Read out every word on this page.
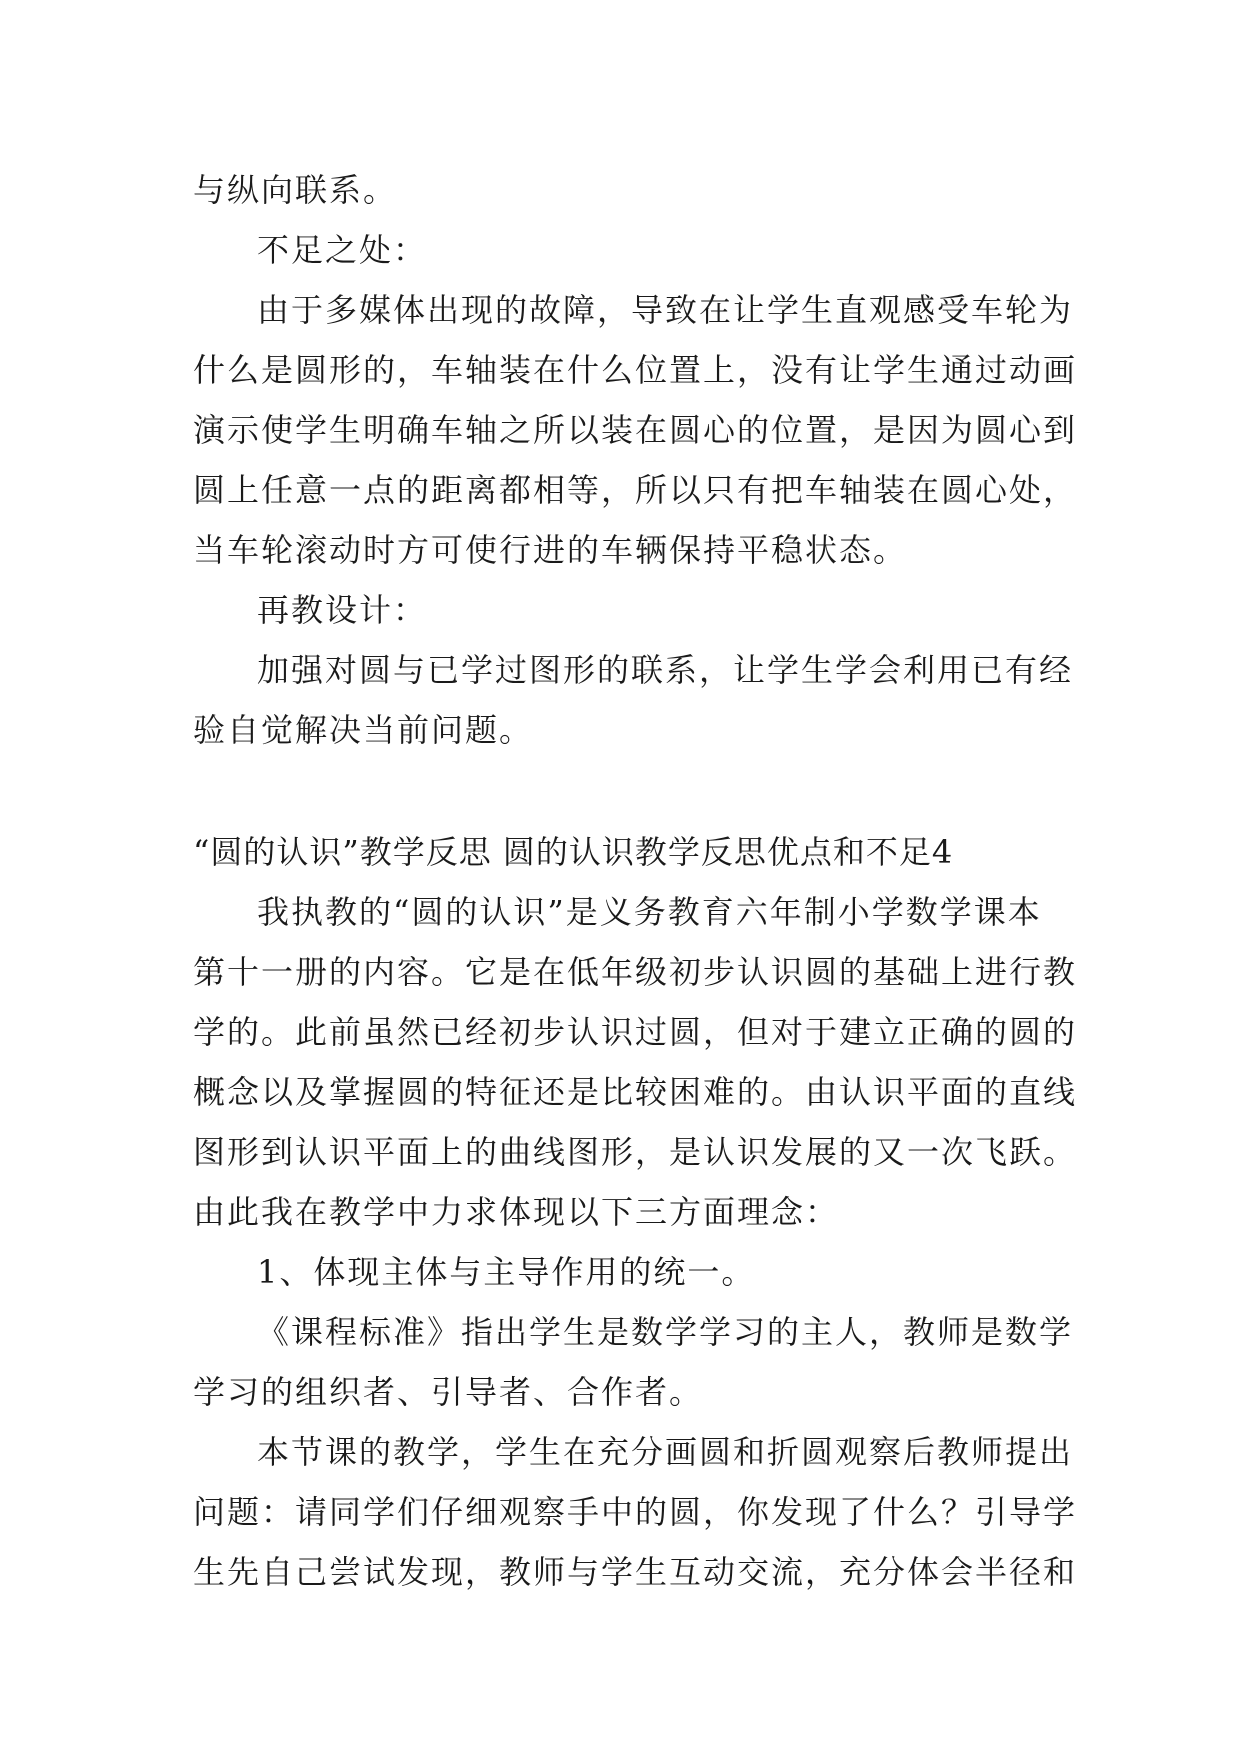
与纵向联系。
不足之处：
由于多媒体出现的故障，导致在让学生直观感受车轮为
什么是圆形的，车轴装在什么位置上，没有让学生通过动画
演示使学生明确车轴之所以装在圆心的位置，是因为圆心到
圆上任意一点的距离都相等，所以只有把车轴装在圆心处，
当车轮滚动时方可使行进的车辆保持平稳状态。
再教设计：
加强对圆与已学过图形的联系，让学生学会利用已有经
验自觉解决当前问题。
“圆的认识”教学反思 圆的认识教学反思优点和不足4
我执教的“圆的认识”是义务教育六年制小学数学课本
第十一册的内容。它是在低年级初步认识圆的基础上进行教
学的。此前虽然已经初步认识过圆，但对于建立正确的圆的
概念以及掌握圆的特征还是比较困难的。由认识平面的直线
图形到认识平面上的曲线图形，是认识发展的又一次飞跃。
由此我在教学中力求体现以下三方面理念：
1、体现主体与主导作用的统一。
《课程标准》指出学生是数学学习的主人，教师是数学
学习的组织者、引导者、合作者。
本节课的教学，学生在充分画圆和折圆观察后教师提出
问题：请同学们仔细观察手中的圆，你发现了什么？引导学
生先自己尝试发现，教师与学生互动交流，充分体会半径和
